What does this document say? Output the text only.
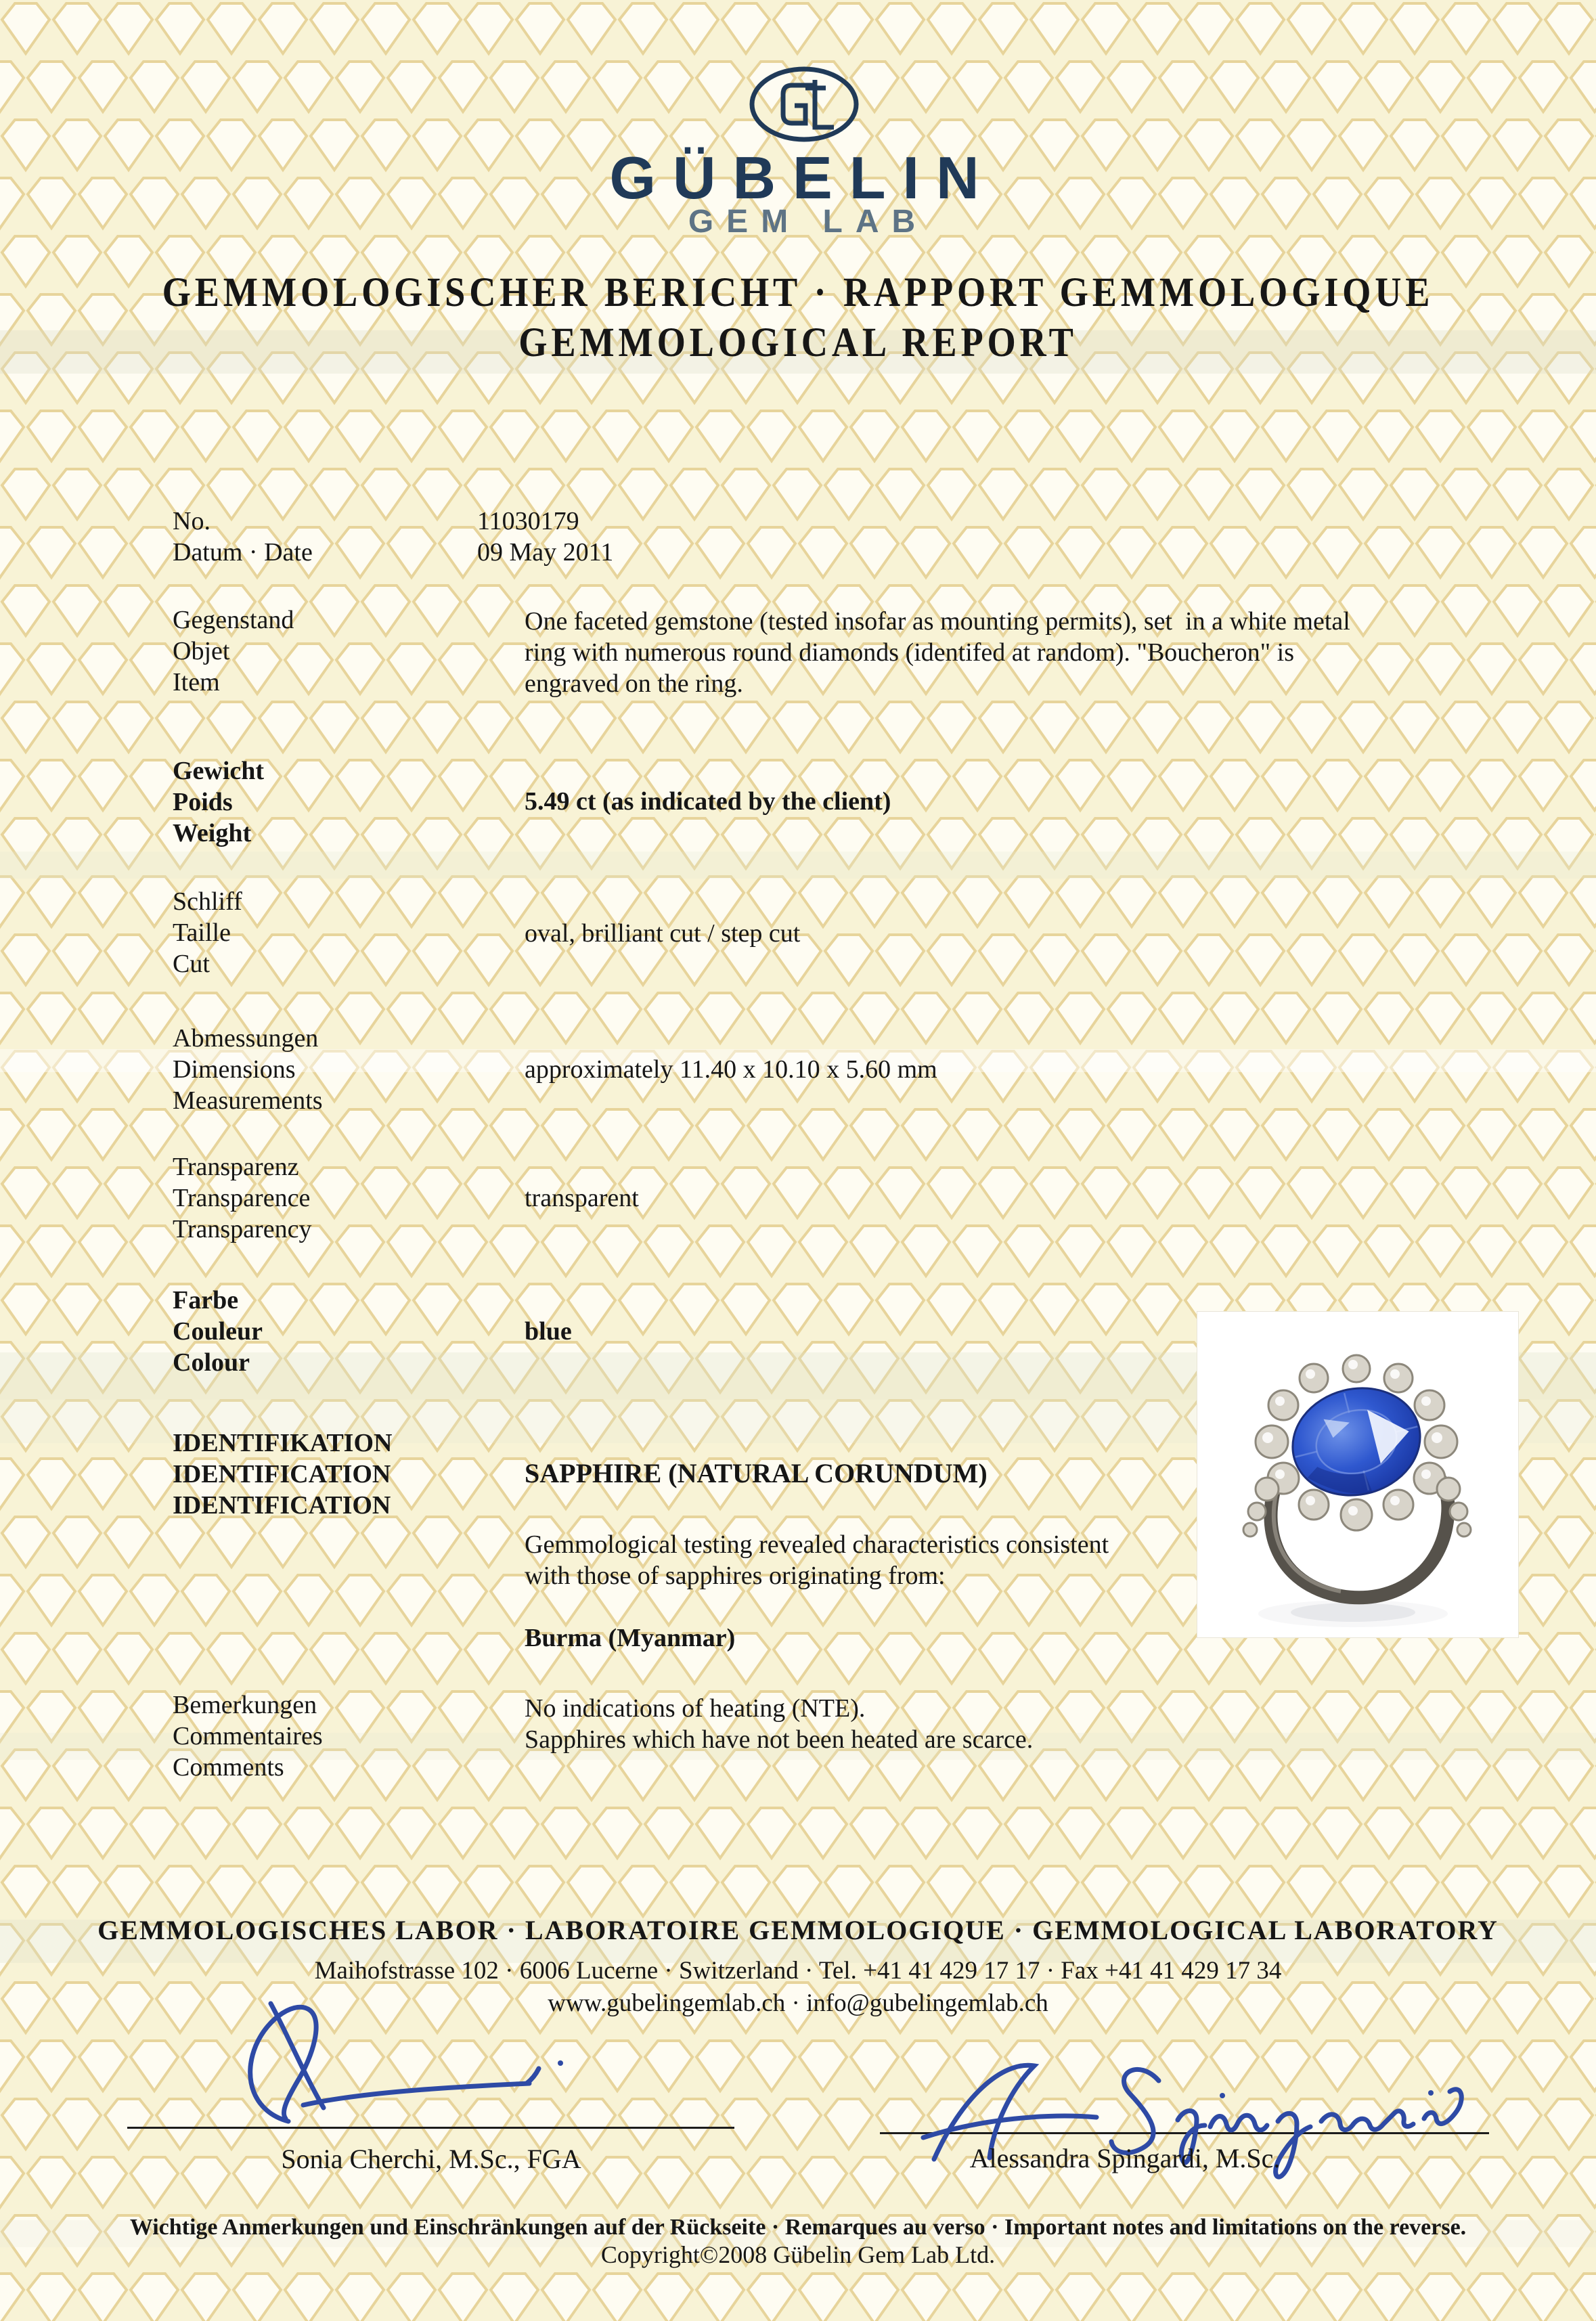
GÜBELIN
GEM LAB
GEMMOLOGISCHER BERICHT · RAPPORT GEMMOLOGIQUE
GEMMOLOGICAL REPORT
No.
Datum · Date
11030179
09 May 2011
Gegenstand
Objet
Item
One faceted gemstone (tested insofar as mounting permits), set  in a white metal
ring with numerous round diamonds (identifed at random). "Boucheron" is
engraved on the ring.
Gewicht
Poids
Weight
5.49 ct (as indicated by the client)
Schliff
Taille
Cut
oval, brilliant cut / step cut
Abmessungen
Dimensions
Measurements
approximately 11.40 x 10.10 x 5.60 mm
Transparenz
Transparence
Transparency
transparent
Farbe
Couleur
Colour
blue
IDENTIFIKATION
IDENTIFICATION
IDENTIFICATION
SAPPHIRE (NATURAL CORUNDUM)
Gemmological testing revealed characteristics consistent
with those of sapphires originating from:
Burma (Myanmar)
Bemerkungen
Commentaires
Comments
No indications of heating (NTE).
Sapphires which have not been heated are scarce.
GEMMOLOGISCHES LABOR · LABORATOIRE GEMMOLOGIQUE · GEMMOLOGICAL LABORATORY
Maihofstrasse 102 · 6006 Lucerne · Switzerland · Tel. +41 41 429 17 17 · Fax +41 41 429 17 34
www.gubelingemlab.ch · info@gubelingemlab.ch
Sonia Cherchi, M.Sc., FGA	Alessandra Spingardi, M.Sc.
Wichtige Anmerkungen und Einschränkungen auf der Rückseite · Remarques au verso · Important notes and limitations on the reverse.
Copyright©2008 Gübelin Gem Lab Ltd.
